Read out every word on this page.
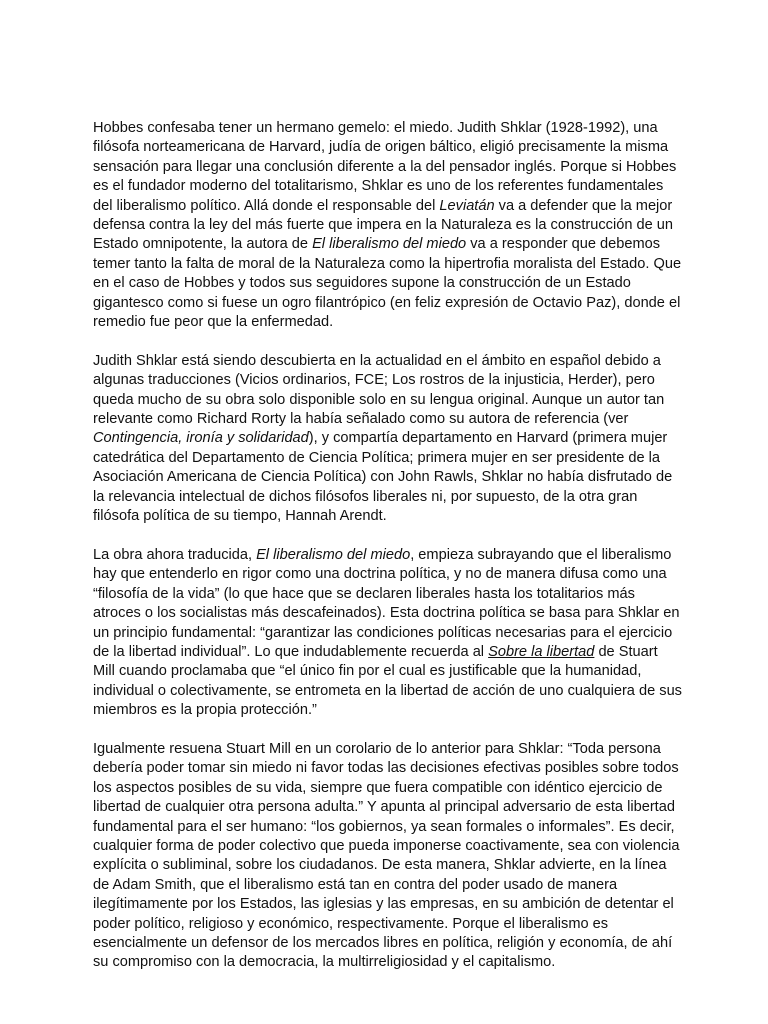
Hobbes confesaba tener un hermano gemelo: el miedo. Judith Shklar (1928-1992), una filósofa norteamericana de Harvard, judía de origen báltico, eligió precisamente la misma sensación para llegar una conclusión diferente a la del pensador inglés. Porque si Hobbes es el fundador moderno del totalitarismo, Shklar es uno de los referentes fundamentales del liberalismo político. Allá donde el responsable del Leviatán va a defender que la mejor defensa contra la ley del más fuerte que impera en la Naturaleza es la construcción de un Estado omnipotente, la autora de El liberalismo del miedo va a responder que debemos temer tanto la falta de moral de la Naturaleza como la hipertrofia moralista del Estado. Que en el caso de Hobbes y todos sus seguidores supone la construcción de un Estado gigantesco como si fuese un ogro filantrópico (en feliz expresión de Octavio Paz), donde el remedio fue peor que la enfermedad.

Judith Shklar está siendo descubierta en la actualidad en el ámbito en español debido a algunas traducciones (Vicios ordinarios, FCE; Los rostros de la injusticia, Herder), pero queda mucho de su obra solo disponible solo en su lengua original. Aunque un autor tan relevante como Richard Rorty la había señalado como su autora de referencia (ver Contingencia, ironía y solidaridad), y compartía departamento en Harvard (primera mujer catedrática del Departamento de Ciencia Política; primera mujer en ser presidente de la Asociación Americana de Ciencia Política) con John Rawls, Shklar no había disfrutado de la relevancia intelectual de dichos filósofos liberales ni, por supuesto, de la otra gran filósofa política de su tiempo, Hannah Arendt.

La obra ahora traducida, El liberalismo del miedo, empieza subrayando que el liberalismo hay que entenderlo en rigor como una doctrina política, y no de manera difusa como una “filosofía de la vida” (lo que hace que se declaren liberales hasta los totalitarios más atroces o los socialistas más descafeinados). Esta doctrina política se basa para Shklar en un principio fundamental: “garantizar las condiciones políticas necesarias para el ejercicio de la libertad individual”. Lo que indudablemente recuerda al Sobre la libertad de Stuart Mill cuando proclamaba que “el único fin por el cual es justificable que la humanidad, individual o colectivamente, se entrometa en la libertad de acción de uno cualquiera de sus miembros es la propia protección.”

Igualmente resuena Stuart Mill en un corolario de lo anterior para Shklar: “Toda persona debería poder tomar sin miedo ni favor todas las decisiones efectivas posibles sobre todos los aspectos posibles de su vida, siempre que fuera compatible con idéntico ejercicio de libertad de cualquier otra persona adulta.” Y apunta al principal adversario de esta libertad fundamental para el ser humano: “los gobiernos, ya sean formales o informales”. Es decir, cualquier forma de poder colectivo que pueda imponerse coactivamente, sea con violencia explícita o subliminal, sobre los ciudadanos. De esta manera, Shklar advierte, en la línea de Adam Smith, que el liberalismo está tan en contra del poder usado de manera ilegítimamente por los Estados, las iglesias y las empresas, en su ambición de detentar el poder político, religioso y económico, respectivamente. Porque el liberalismo es esencialmente un defensor de los mercados libres en política, religión y economía, de ahí su compromiso con la democracia, la multirreligiosidad y el capitalismo.
